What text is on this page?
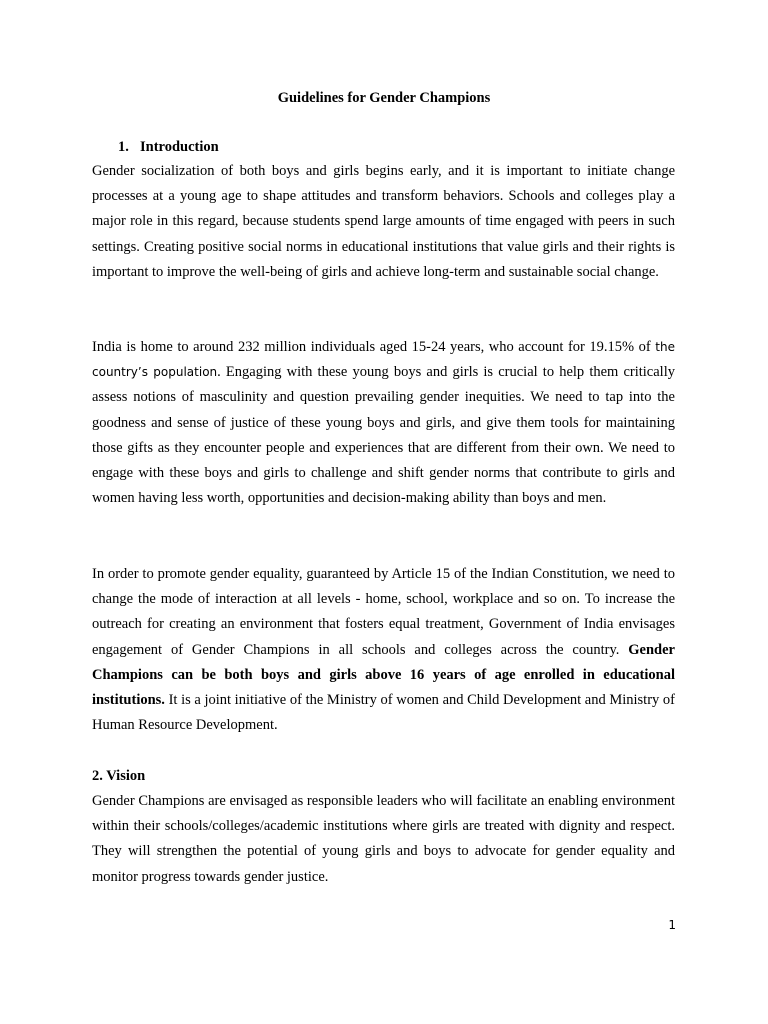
Guidelines for Gender Champions
1. Introduction

Gender socialization of both boys and girls begins early, and it is important to initiate change processes at a young age to shape attitudes and transform behaviors. Schools and colleges play a major role in this regard, because students spend large amounts of time engaged with peers in such settings. Creating positive social norms in educational institutions that value girls and their rights is important to improve the well-being of girls and achieve long-term and sustainable social change.

India is home to around 232 million individuals aged 15-24 years, who account for 19.15% of the country’s population. Engaging with these young boys and girls is crucial to help them critically assess notions of masculinity and question prevailing gender inequities. We need to tap into the goodness and sense of justice of these young boys and girls, and give them tools for maintaining those gifts as they encounter people and experiences that are different from their own. We need to engage with these boys and girls to challenge and shift gender norms that contribute to girls and women having less worth, opportunities and decision-making ability than boys and men.

In order to promote gender equality, guaranteed by Article 15 of the Indian Constitution, we need to change the mode of interaction at all levels - home, school, workplace and so on. To increase the outreach for creating an environment that fosters equal treatment, Government of India envisages engagement of Gender Champions in all schools and colleges across the country. Gender Champions can be both boys and girls above 16 years of age enrolled in educational institutions. It is a joint initiative of the Ministry of women and Child Development and Ministry of Human Resource Development.

2. Vision

Gender Champions are envisaged as responsible leaders who will facilitate an enabling environment within their schools/colleges/academic institutions where girls are treated with dignity and respect. They will strengthen the potential of young girls and boys to advocate for gender equality and monitor progress towards gender justice.

1
